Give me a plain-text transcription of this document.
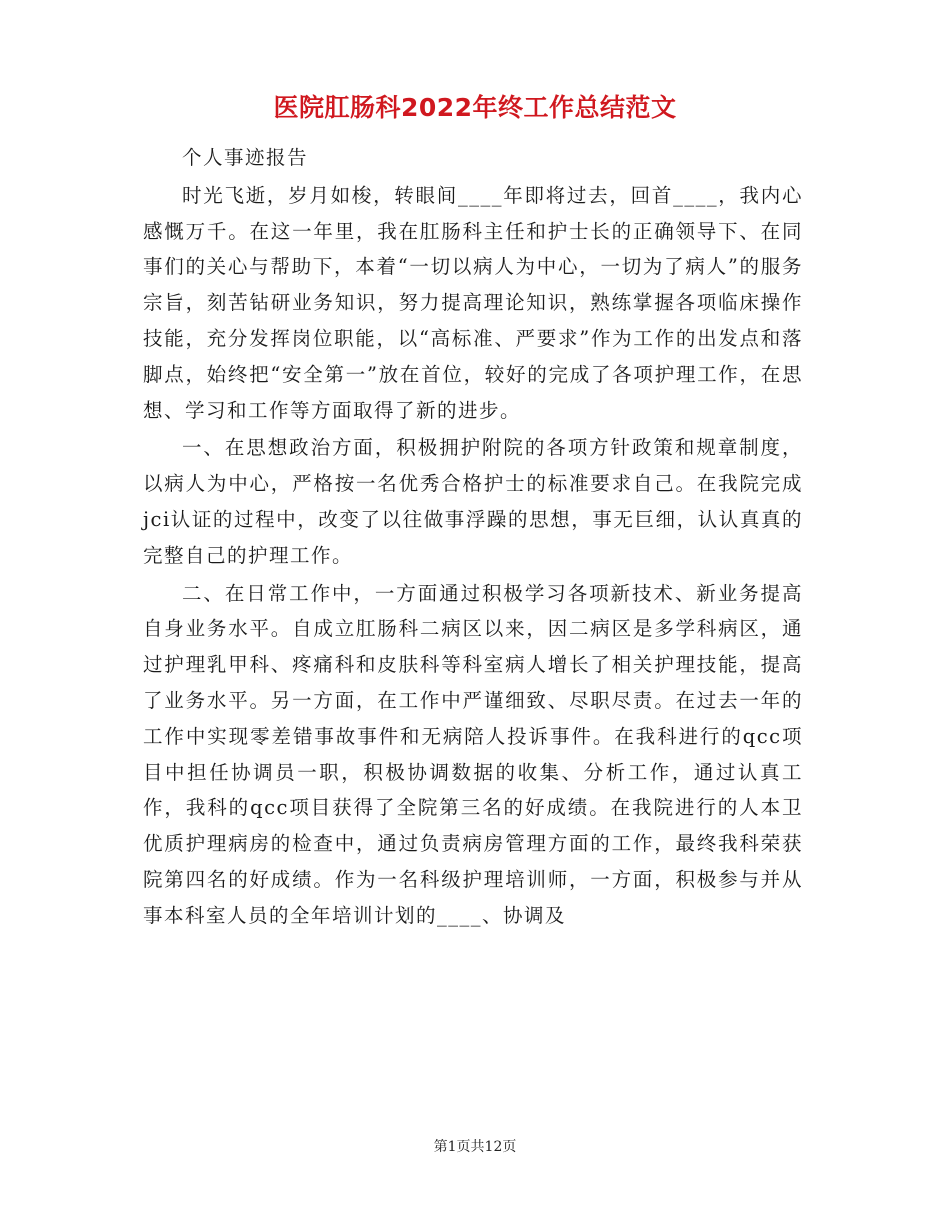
医院肛肠科2022年终工作总结范文

个人事迹报告

时光飞逝，岁月如梭，转眼间____年即将过去，回首____，我内心感慨万千。在这一年里，我在肛肠科主任和护士长的正确领导下、在同事们的关心与帮助下，本着“一切以病人为中心，一切为了病人”的服务宗旨，刻苦钻研业务知识，努力提高理论知识，熟练掌握各项临床操作技能，充分发挥岗位职能，以“高标准、严要求”作为工作的出发点和落脚点，始终把“安全第一”放在首位，较好的完成了各项护理工作，在思想、学习和工作等方面取得了新的进步。

一、在思想政治方面，积极拥护附院的各项方针政策和规章制度，以病人为中心，严格按一名优秀合格护士的标准要求自己。在我院完成jci认证的过程中，改变了以往做事浮躁的思想，事无巨细，认认真真的完整自己的护理工作。

二、在日常工作中，一方面通过积极学习各项新技术、新业务提高自身业务水平。自成立肛肠科二病区以来，因二病区是多学科病区，通过护理乳甲科、疼痛科和皮肤科等科室病人增长了相关护理技能，提高了业务水平。另一方面，在工作中严谨细致、尽职尽责。在过去一年的工作中实现零差错事故事件和无病陪人投诉事件。在我科进行的qcc项目中担任协调员一职，积极协调数据的收集、分析工作，通过认真工作，我科的qcc项目获得了全院第三名的好成绩。在我院进行的人本卫优质护理病房的检查中，通过负责病房管理方面的工作，最终我科荣获院第四名的好成绩。作为一名科级护理培训师，一方面，积极参与并从事本科室人员的全年培训计划的____、协调及

第1页共12页
